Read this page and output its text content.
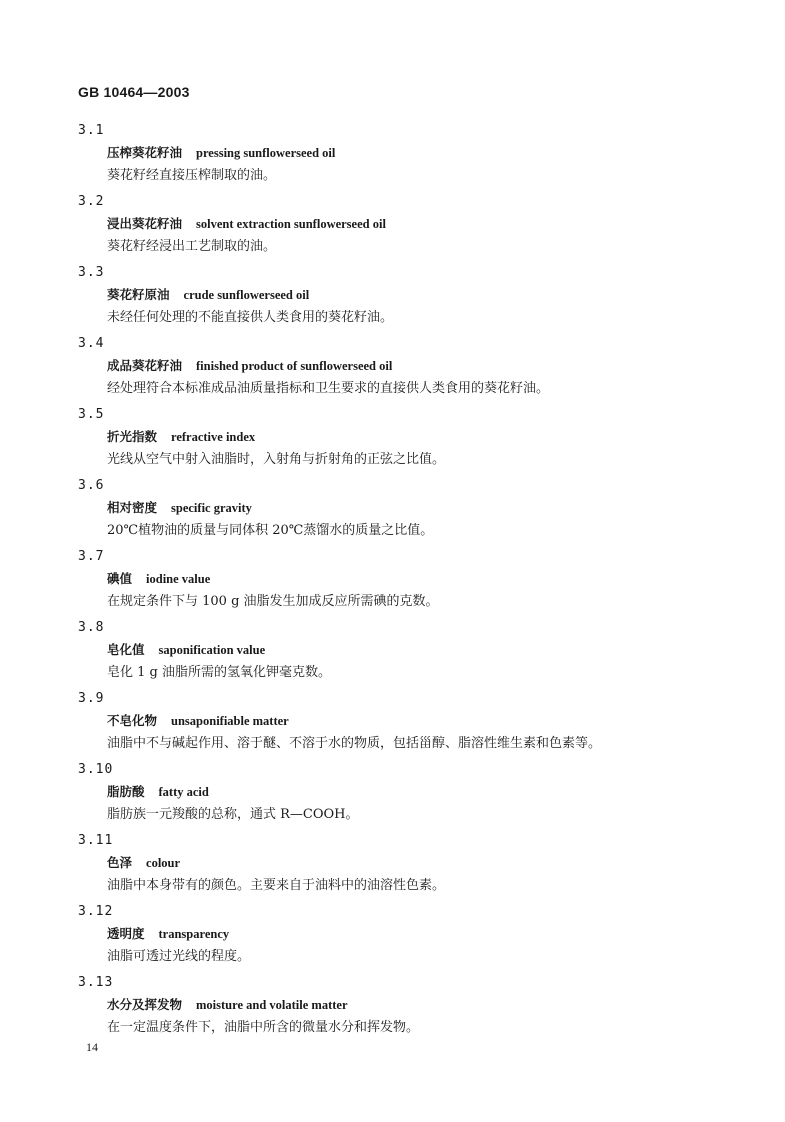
GB 10464—2003
3.1
压榨葵花籽油 pressing sunflowerseed oil
葵花籽经直接压榨制取的油。
3.2
浸出葵花籽油 solvent extraction sunflowerseed oil
葵花籽经浸出工艺制取的油。
3.3
葵花籽原油 crude sunflowerseed oil
未经任何处理的不能直接供人类食用的葵花籽油。
3.4
成品葵花籽油 finished product of sunflowerseed oil
经处理符合本标准成品油质量指标和卫生要求的直接供人类食用的葵花籽油。
3.5
折光指数 refractive index
光线从空气中射入油脂时，入射角与折射角的正弦之比值。
3.6
相对密度 specific gravity
20℃植物油的质量与同体积 20℃蒸馏水的质量之比值。
3.7
碘值 iodine value
在规定条件下与 100 g 油脂发生加成反应所需碘的克数。
3.8
皂化值 saponification value
皂化 1 g 油脂所需的氢氧化钾毫克数。
3.9
不皂化物 unsaponifiable matter
油脂中不与碱起作用、溶于醚、不溶于水的物质，包括甾醇、脂溶性维生素和色素等。
3.10
脂肪酸 fatty acid
脂肪族一元羧酸的总称，通式 R—COOH。
3.11
色泽 colour
油脂中本身带有的颜色。主要来自于油料中的油溶性色素。
3.12
透明度 transparency
油脂可透过光线的程度。
3.13
水分及挥发物 moisture and volatile matter
在一定温度条件下，油脂中所含的微量水分和挥发物。
14
